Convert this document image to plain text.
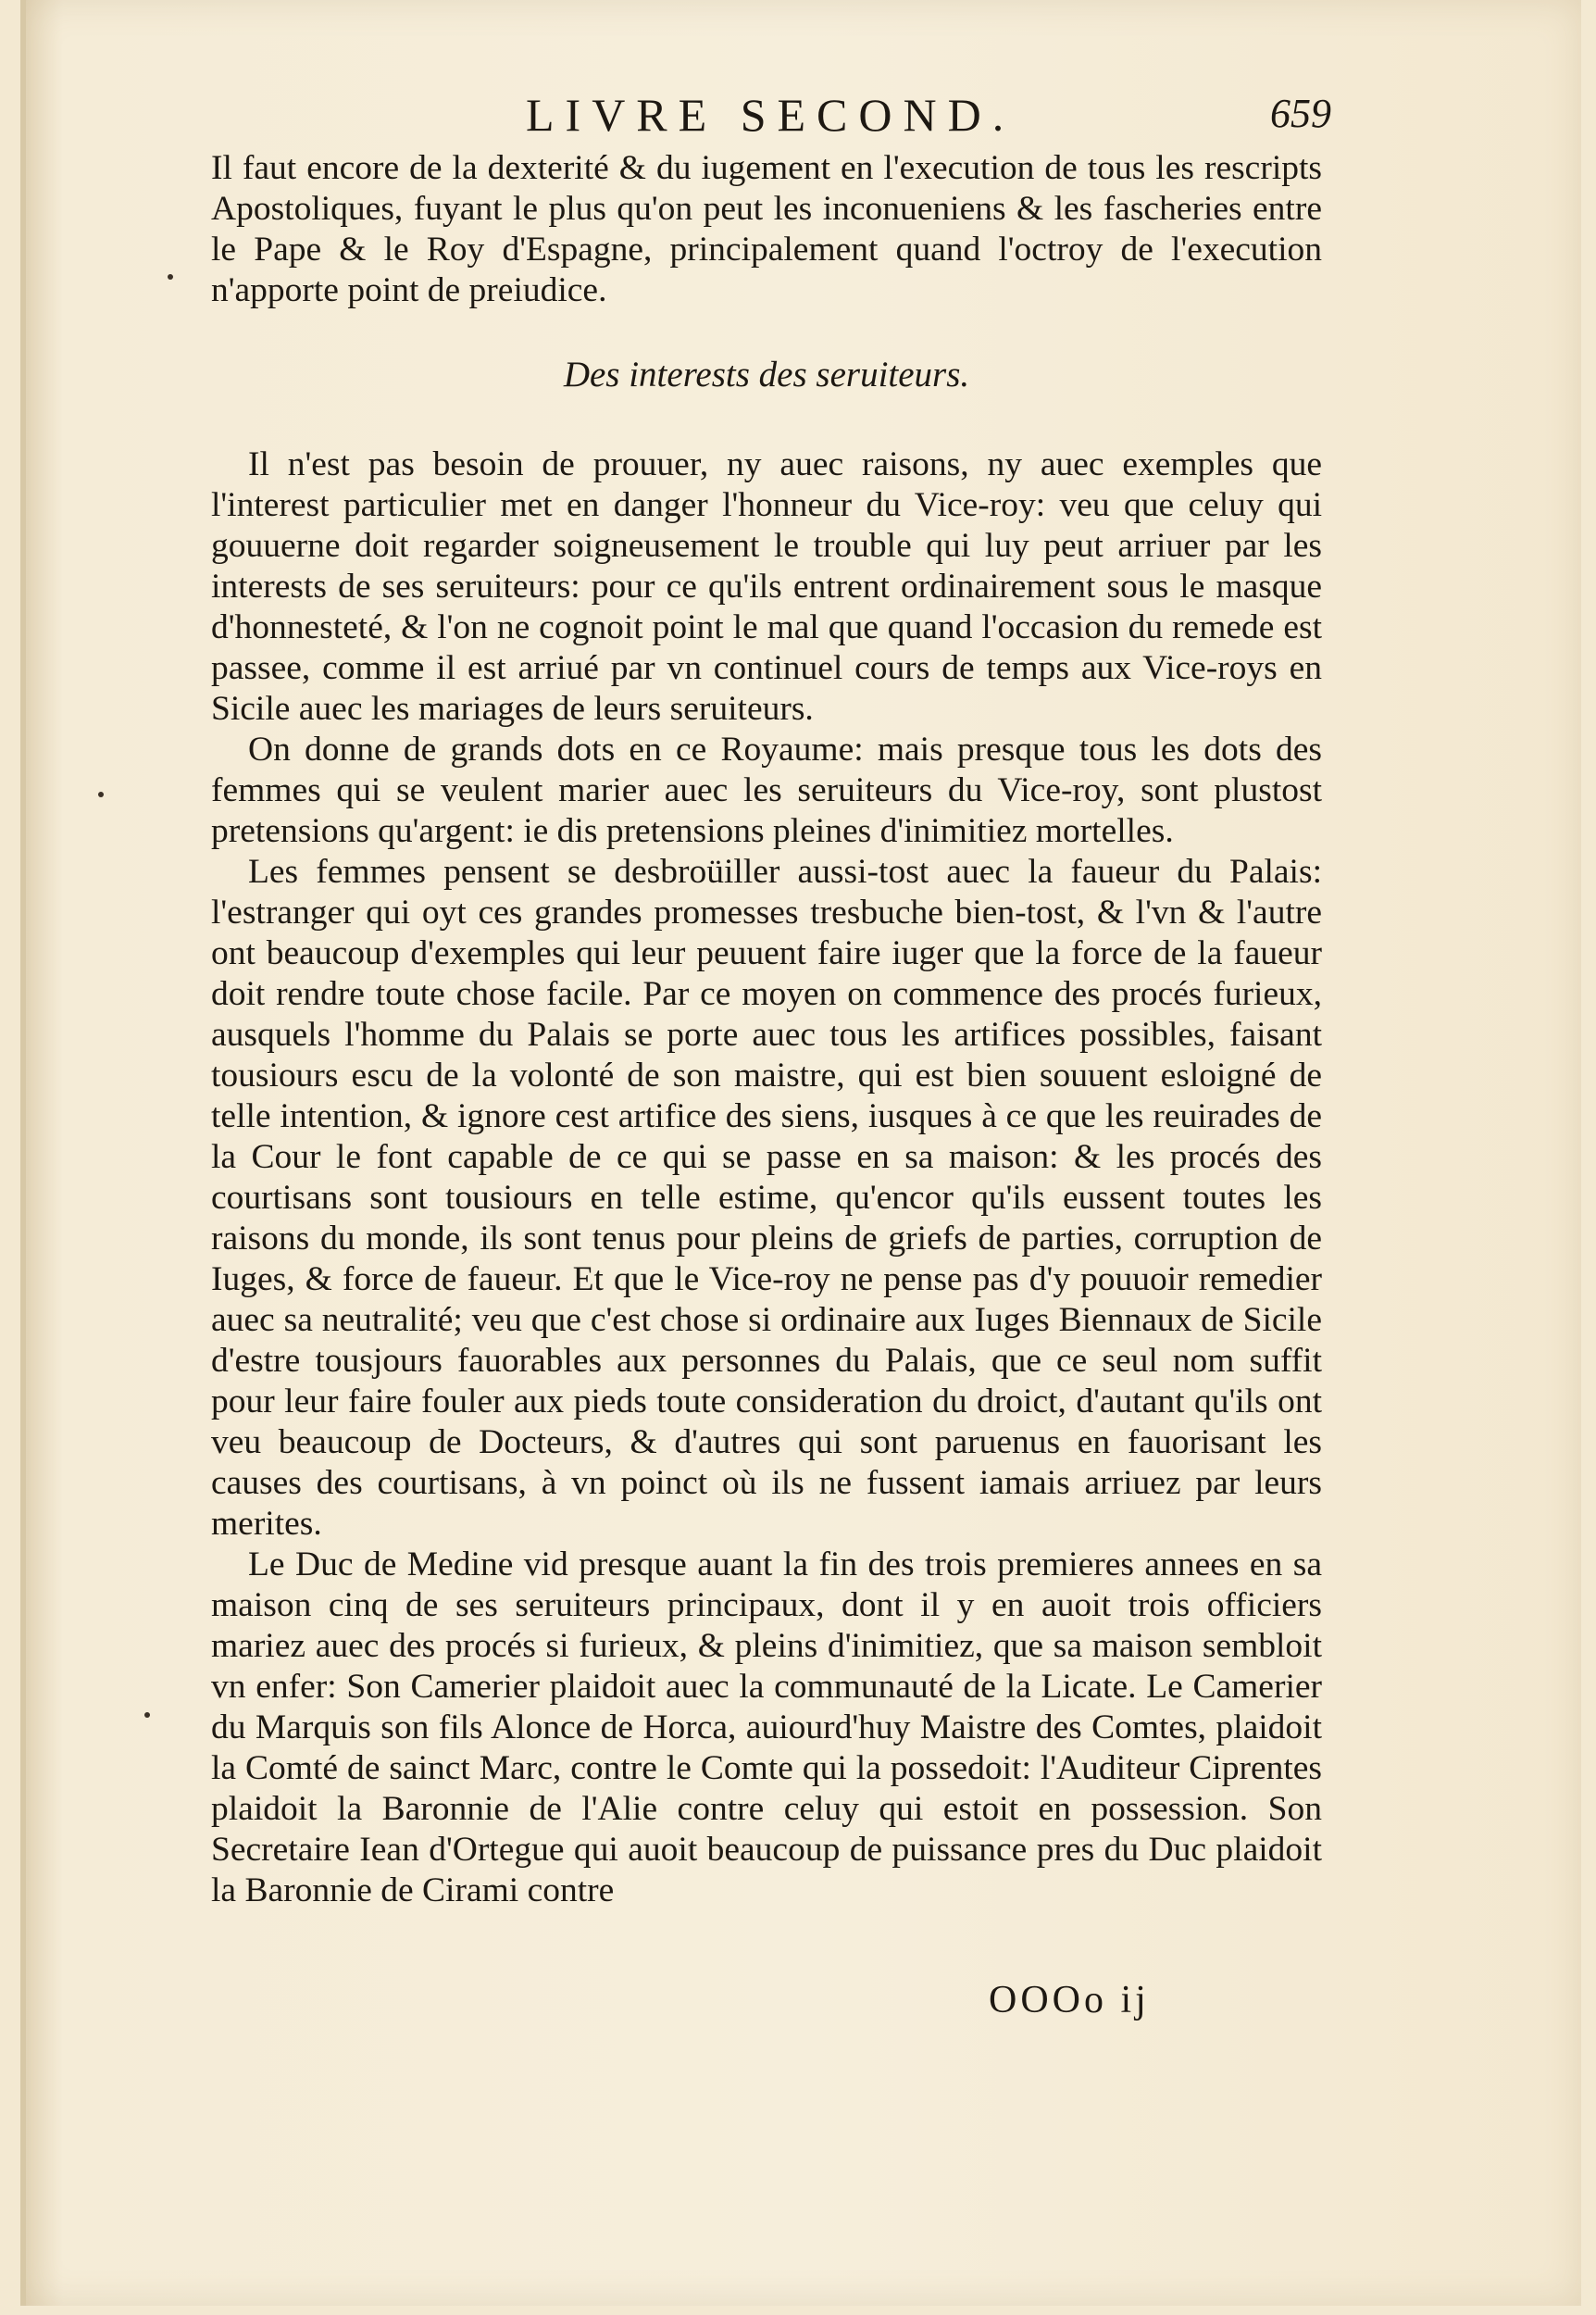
LIVRE SECOND.	659

Il faut encore de la dexterité & du iugement en l'execution de tous les rescripts Apostoliques, fuyant le plus qu'on peut les inconueniens & les fascheries entre le Pape & le Roy d'Espagne, principalement quand l'octroy de l'execution n'apporte point de preiudice.

Des interests des seruiteurs.

Il n'est pas besoin de prouuer, ny auec raisons, ny auec exemples que l'interest particulier met en danger l'honneur du Vice-roy: veu que celuy qui gouuerne doit regarder soigneusement le trouble qui luy peut arriuer par les interests de ses seruiteurs: pour ce qu'ils entrent ordinairement sous le masque d'honnesteté, & l'on ne cognoit point le mal que quand l'occasion du remede est passee, comme il est arriué par vn continuel cours de temps aux Vice-roys en Sicile auec les mariages de leurs seruiteurs.

On donne de grands dots en ce Royaume: mais presque tous les dots des femmes qui se veulent marier auec les seruiteurs du Vice-roy, sont plustost pretensions qu'argent: ie dis pretensions pleines d'inimitiez mortelles.

Les femmes pensent se desbroüiller aussi-tost auec la faueur du Palais: l'estranger qui oyt ces grandes promesses tresbuche bien-tost, & l'vn & l'autre ont beaucoup d'exemples qui leur peuuent faire iuger que la force de la faueur doit rendre toute chose facile. Par ce moyen on commence des procés furieux, ausquels l'homme du Palais se porte auec tous les artifices possibles, faisant tousiours escu de la volonté de son maistre, qui est bien souuent esloigné de telle intention, & ignore cest artifice des siens, iusques à ce que les reuirades de la Cour le font capable de ce qui se passe en sa maison: & les procés des courtisans sont tousiours en telle estime, qu'encor qu'ils eussent toutes les raisons du monde, ils sont tenus pour pleins de griefs de parties, corruption de Iuges, & force de faueur. Et que le Vice-roy ne pense pas d'y pouuoir remedier auec sa neutralité; veu que c'est chose si ordinaire aux Iuges Biennaux de Sicile d'estre tousjours fauorables aux personnes du Palais, que ce seul nom suffit pour leur faire fouler aux pieds toute consideration du droict, d'autant qu'ils ont veu beaucoup de Docteurs, & d'autres qui sont paruenus en fauorisant les causes des courtisans, à vn poinct où ils ne fussent iamais arriuez par leurs merites.

Le Duc de Medine vid presque auant la fin des trois premieres annees en sa maison cinq de ses seruiteurs principaux, dont il y en auoit trois officiers mariez auec des procés si furieux, & pleins d'inimitiez, que sa maison sembloit vn enfer: Son Camerier plaidoit auec la communauté de la Licate. Le Camerier du Marquis son fils Alonce de Horca, auiourd'huy Maistre des Comtes, plaidoit la Comté de sainct Marc, contre le Comte qui la possedoit: l'Auditeur Ciprentes plaidoit la Baronnie de l'Alie contre celuy qui estoit en possession. Son Secretaire Iean d'Ortegue qui auoit beaucoup de puissance pres du Duc plaidoit la Baronnie de Cirami contre

OOOo ij
